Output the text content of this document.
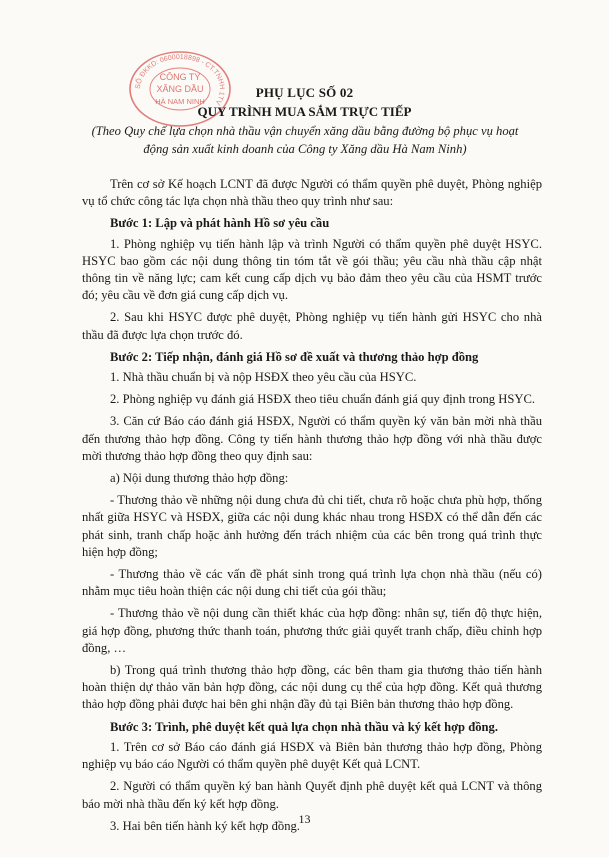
SỐ ĐKKD: 0600018898 - CT.TNHH 1TV
CÔNG TY
XĂNG DẦU
HÀ NAM NINH
PHỤ LỤC SỐ 02
QUY TRÌNH MUA SẮM TRỰC TIẾP
(Theo Quy chế lựa chọn nhà thầu vận chuyển xăng dầu bằng đường bộ phục vụ hoạt động sản xuất kinh doanh của Công ty Xăng dầu Hà Nam Ninh)

Trên cơ sở Kế hoạch LCNT đã được Người có thẩm quyền phê duyệt, Phòng nghiệp vụ tổ chức công tác lựa chọn nhà thầu theo quy trình như sau:

Bước 1: Lập và phát hành Hồ sơ yêu cầu

1. Phòng nghiệp vụ tiến hành lập và trình Người có thẩm quyền phê duyệt HSYC. HSYC bao gồm các nội dung thông tin tóm tắt về gói thầu; yêu cầu nhà thầu cập nhật thông tin về năng lực; cam kết cung cấp dịch vụ bảo đảm theo yêu cầu của HSMT trước đó; yêu cầu về đơn giá cung cấp dịch vụ.

2. Sau khi HSYC được phê duyệt, Phòng nghiệp vụ tiến hành gửi HSYC cho nhà thầu đã được lựa chọn trước đó.

Bước 2: Tiếp nhận, đánh giá Hồ sơ đề xuất và thương thảo hợp đồng

1. Nhà thầu chuẩn bị và nộp HSĐX theo yêu cầu của HSYC.

2. Phòng nghiệp vụ đánh giá HSĐX theo tiêu chuẩn đánh giá quy định trong HSYC.

3. Căn cứ Báo cáo đánh giá HSĐX, Người có thẩm quyền ký văn bản mời nhà thầu đến thương thảo hợp đồng. Công ty tiến hành thương thảo hợp đồng với nhà thầu được mời thương thảo hợp đồng theo quy định sau:

a) Nội dung thương thảo hợp đồng:

- Thương thảo về những nội dung chưa đủ chi tiết, chưa rõ hoặc chưa phù hợp, thống nhất giữa HSYC và HSĐX, giữa các nội dung khác nhau trong HSĐX có thể dẫn đến các phát sinh, tranh chấp hoặc ảnh hưởng đến trách nhiệm của các bên trong quá trình thực hiện hợp đồng;

- Thương thảo về các vấn đề phát sinh trong quá trình lựa chọn nhà thầu (nếu có) nhằm mục tiêu hoàn thiện các nội dung chi tiết của gói thầu;

- Thương thảo về nội dung cần thiết khác của hợp đồng: nhân sự, tiến độ thực hiện, giá hợp đồng, phương thức thanh toán, phương thức giải quyết tranh chấp, điều chỉnh hợp đồng, …

b) Trong quá trình thương thảo hợp đồng, các bên tham gia thương thảo tiến hành hoàn thiện dự thảo văn bản hợp đồng, các nội dung cụ thể của hợp đồng. Kết quả thương thảo hợp đồng phải được hai bên ghi nhận đầy đủ tại Biên bản thương thảo hợp đồng.

Bước 3: Trình, phê duyệt kết quả lựa chọn nhà thầu và ký kết hợp đồng.

1. Trên cơ sở Báo cáo đánh giá HSĐX và Biên bản thương thảo hợp đồng, Phòng nghiệp vụ báo cáo Người có thẩm quyền phê duyệt Kết quả LCNT.

2. Người có thẩm quyền ký ban hành Quyết định phê duyệt kết quả LCNT và thông báo mời nhà thầu đến ký kết hợp đồng.

3. Hai bên tiến hành ký kết hợp đồng.

13
